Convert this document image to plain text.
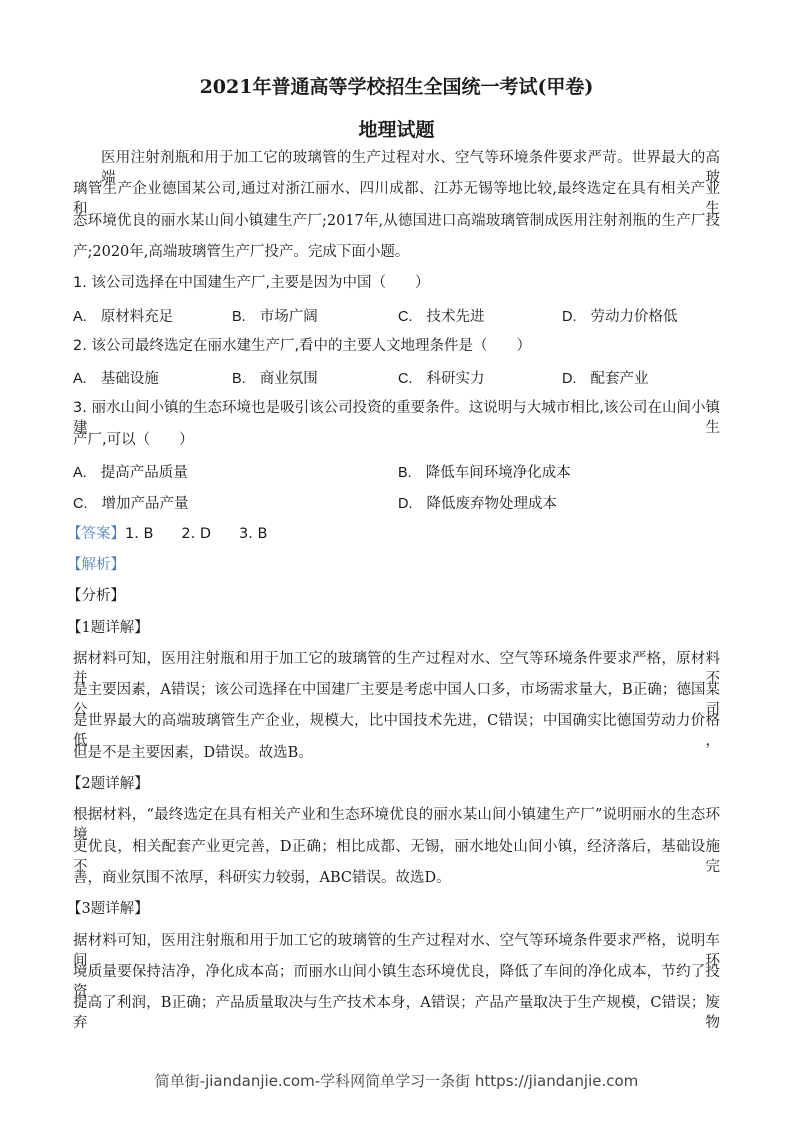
2021年普通高等学校招生全国统一考试(甲卷)
地理试题
医用注射剂瓶和用于加工它的玻璃管的生产过程对水、空气等环境条件要求严苛。世界最大的高端玻
璃管生产企业德国某公司,通过对浙江丽水、四川成都、江苏无锡等地比较,最终选定在具有相关产业和生
态环境优良的丽水某山间小镇建生产厂;2017年,从德国进口高端玻璃管制成医用注射剂瓶的生产厂投
产;2020年,高端玻璃管生产厂投产。完成下面小题。
1. 该公司选择在中国建生产厂,主要是因为中国（　　）
A. 原材料充足	B. 市场广阔	C. 技术先进	D. 劳动力价格低
2. 该公司最终选定在丽水建生产厂,看中的主要人文地理条件是（　　）
A. 基础设施	B. 商业氛围	C. 科研实力	D. 配套产业
3. 丽水山间小镇的生态环境也是吸引该公司投资的重要条件。这说明与大城市相比,该公司在山间小镇建生
产厂,可以（　　）
A. 提高产品质量	B. 降低车间环境净化成本
C. 增加产品产量	D. 降低废弃物处理成本
【答案】1. B 2. D 3. B
【解析】
【分析】
【1题详解】
据材料可知，医用注射瓶和用于加工它的玻璃管的生产过程对水、空气等环境条件要求严格，原材料并不
是主要因素，A错误；该公司选择在中国建厂主要是考虑中国人口多，市场需求量大，B正确；德国某公司
是世界最大的高端玻璃管生产企业，规模大，比中国技术先进，C错误；中国确实比德国劳动力价格低，
但是不是主要因素，D错误。故选B。
【2题详解】
根据材料，“最终选定在具有相关产业和生态环境优良的丽水某山间小镇建生产厂”说明丽水的生态环境
更优良，相关配套产业更完善，D正确；相比成都、无锡，丽水地处山间小镇，经济落后，基础设施不完
善，商业氛围不浓厚，科研实力较弱，ABC错误。故选D。
【3题详解】
据材料可知，医用注射瓶和用于加工它的玻璃管的生产过程对水、空气等环境条件要求严格，说明车间环
境质量要保持洁净，净化成本高；而丽水山间小镇生态环境优良，降低了车间的净化成本，节约了投资，
提高了利润，B正确；产品质量取决与生产技术本身，A错误；产品产量取决于生产规模，C错误；废弃物
简单街-jiandanjie.com-学科网简单学习一条街 https://jiandanjie.com
